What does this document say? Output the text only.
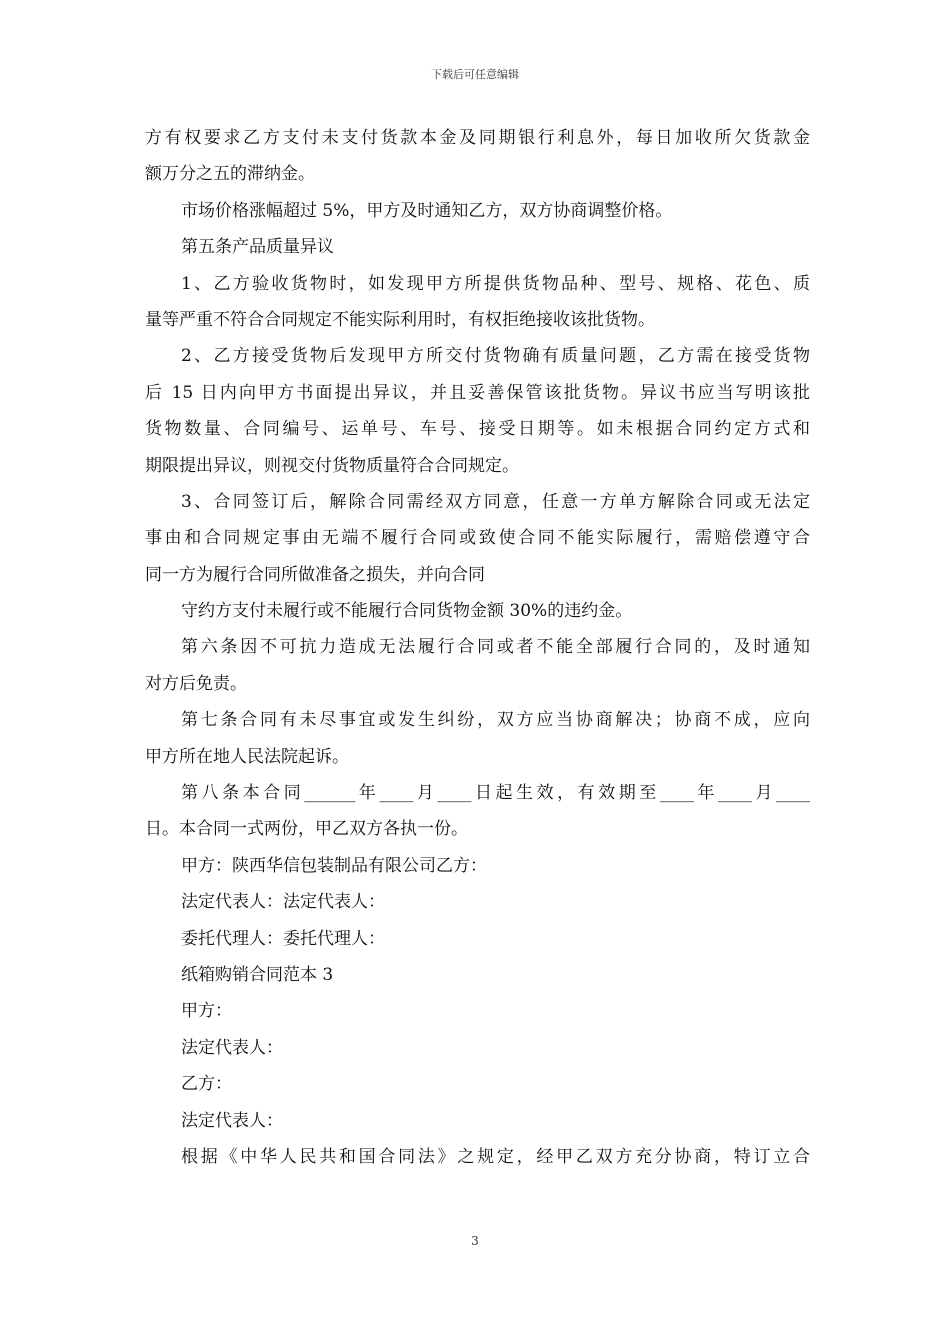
下载后可任意编辑
方有权要求乙方支付未支付货款本金及同期银行利息外，每日加收所欠货款金
额万分之五的滞纳金。
市场价格涨幅超过 5%，甲方及时通知乙方，双方协商调整价格。
第五条产品质量异议
1、乙方验收货物时，如发现甲方所提供货物品种、型号、规格、花色、质
量等严重不符合合同规定不能实际利用时，有权拒绝接收该批货物。
2、乙方接受货物后发现甲方所交付货物确有质量问题，乙方需在接受货物
后 15 日内向甲方书面提出异议，并且妥善保管该批货物。异议书应当写明该批
货物数量、合同编号、运单号、车号、接受日期等。如未根据合同约定方式和
期限提出异议，则视交付货物质量符合合同规定。
3、合同签订后，解除合同需经双方同意，任意一方单方解除合同或无法定
事由和合同规定事由无端不履行合同或致使合同不能实际履行，需赔偿遵守合
同一方为履行合同所做准备之损失，并向合同
守约方支付未履行或不能履行合同货物金额 30%的违约金。
第六条因不可抗力造成无法履行合同或者不能全部履行合同的，及时通知
对方后免责。
第七条合同有未尽事宜或发生纠纷，双方应当协商解决；协商不成，应向
甲方所在地人民法院起诉。
第八条本合同______年____月____日起生效，有效期至____年____月____
日。本合同一式两份，甲乙双方各执一份。
甲方：陕西华信包装制品有限公司乙方：
法定代表人：法定代表人：
委托代理人：委托代理人：
纸箱购销合同范本 3
甲方：
法定代表人：
乙方：
法定代表人：
根据《中华人民共和国合同法》之规定，经甲乙双方充分协商，特订立合
3
